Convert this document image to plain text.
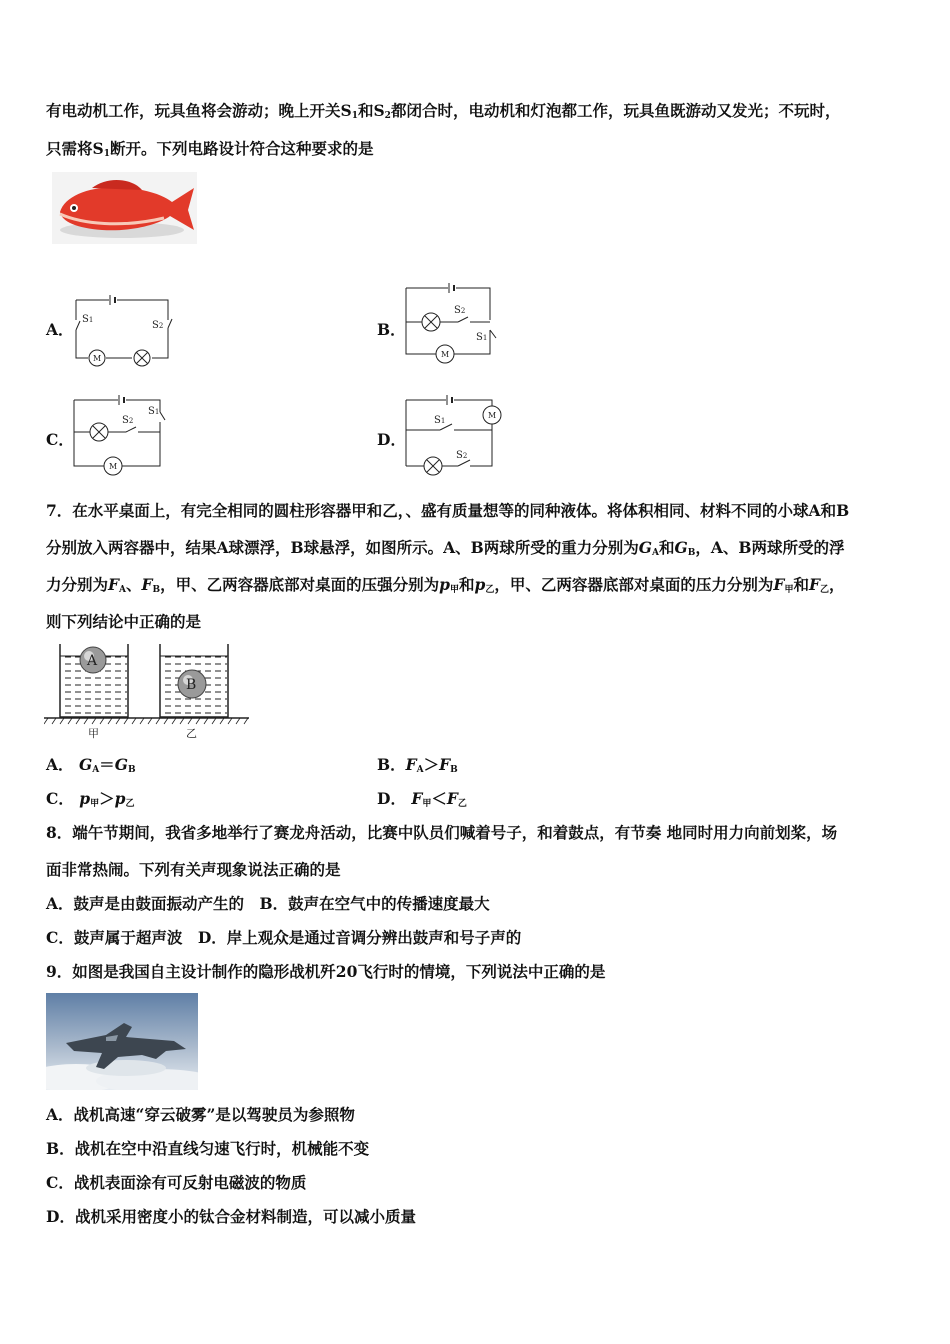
有电动机工作，玩具鱼将会游动；晚上开关$S_1$和$S_2$都闭合时，电动机和灯泡都工作，玩具鱼既游动又发光；不玩时，
只需将$S_1$断开。下列电路设计符合这种要求的是
A．
S1	S2
M
B．
S2
S1
M
C．
S2
S1
M
D．
S1
S2
M
7．在水平桌面上，有完全相同的圆柱形容器甲和乙，、盛有质量想等的同种液体。将体积相同、材料不同的小球A和B
分别放入两容器中，结果A球漂浮，B球悬浮，如图所示。A、B两球所受的重力分别为$G_A$和$G_B$，A、B两球所受的浮
力分别为$F_A$、$F_B$，甲、乙两容器底部对桌面的压强分别为$p_甲$和$p_乙$，甲、乙两容器底部对桌面的压力分别为$F_甲$和$F_乙$，
则下列结论中正确的是
A
B
甲	乙
A． $G_A=G_B$	B．$F_A>F_B$
C． $p_甲>p_乙$	D． $F_甲<F_乙$
8．端午节期间，我省多地举行了赛龙舟活动，比赛中队员们喊着号子，和着鼓点，有节奏 地同时用力向前划桨，场
面非常热闹。下列有关声现象说法正确的是
A．鼓声是由鼓面振动产生的　B．鼓声在空气中的传播速度最大
C．鼓声属于超声波　D．岸上观众是通过音调分辨出鼓声和号子声的
9．如图是我国自主设计制作的隐形战机歼20飞行时的情境，下列说法中正确的是
A．战机高速“穿云破雾”是以驾驶员为参照物
B．战机在空中沿直线匀速飞行时，机械能不变
C．战机表面涂有可反射电磁波的物质
D．战机采用密度小的钛合金材料制造，可以减小质量
